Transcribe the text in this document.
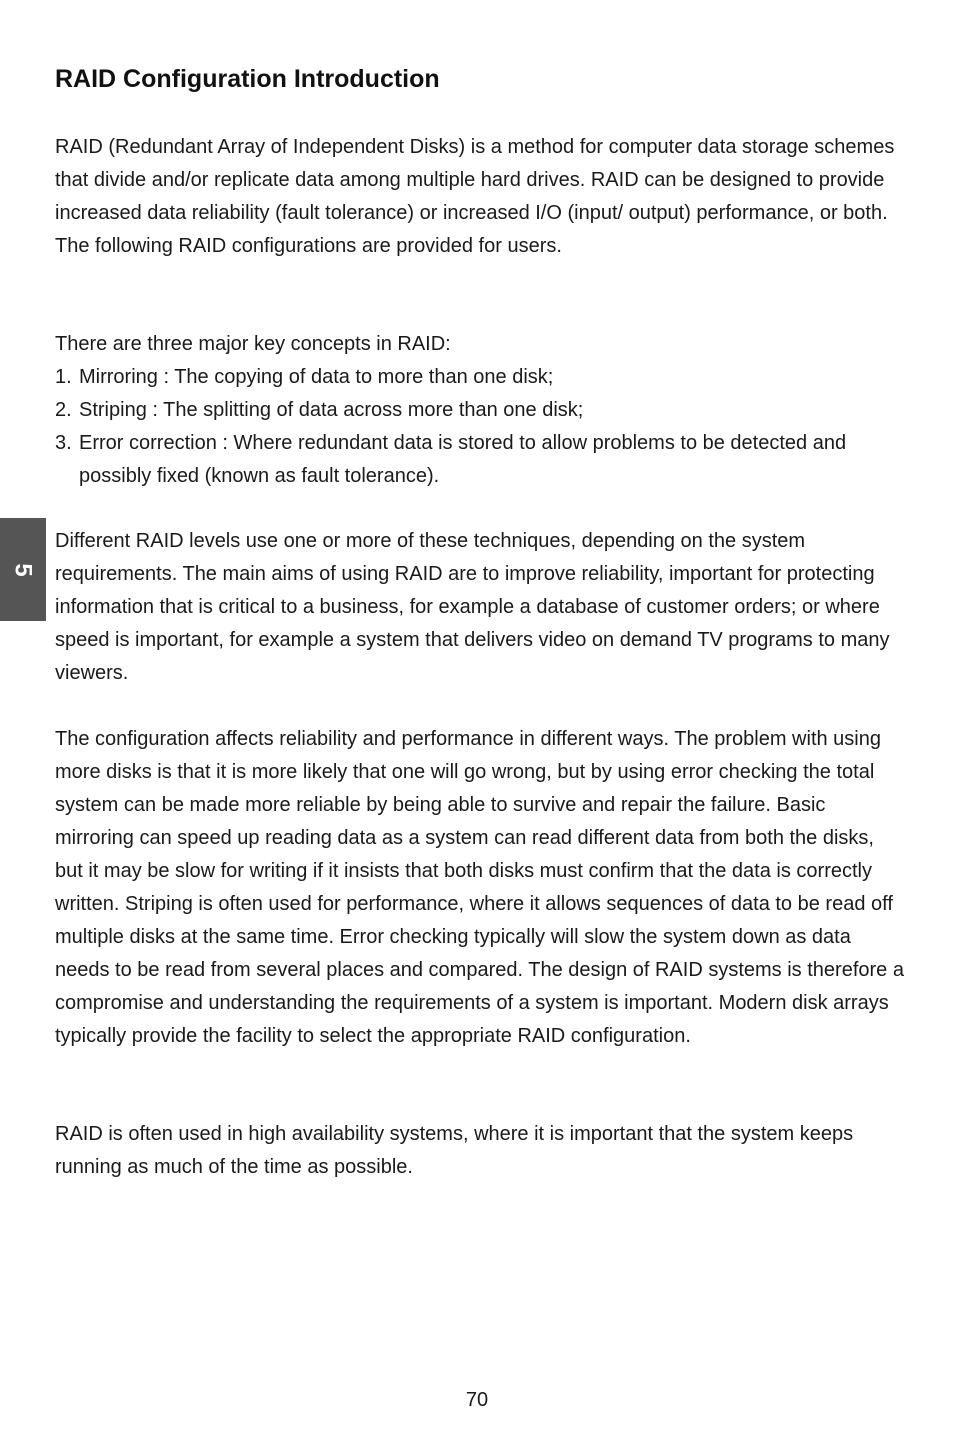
RAID Configuration Introduction

RAID (Redundant Array of Independent Disks) is a method for computer data storage schemes that divide and/or replicate data among multiple hard drives. RAID can be designed to provide increased data reliability (fault tolerance) or increased I/O (input/ output) performance, or both. The following RAID configurations are provided for users.

There are three major key concepts in RAID:
1. Mirroring : The copying of data to more than one disk;
2. Striping : The splitting of data across more than one disk;
3. Error correction : Where redundant data is stored to allow problems to be detected and possibly fixed (known as fault tolerance).

Different RAID levels use one or more of these techniques, depending on the system requirements. The main aims of using RAID are to improve reliability, important for protecting information that is critical to a business, for example a database of customer orders; or where speed is important, for example a system that delivers video on demand TV programs to many viewers.

The configuration affects reliability and performance in different ways. The problem with using more disks is that it is more likely that one will go wrong, but by using error checking the total system can be made more reliable by being able to survive and repair the failure. Basic mirroring can speed up reading data as a system can read different data from both the disks, but it may be slow for writing if it insists that both disks must confirm that the data is correctly written. Striping is often used for performance, where it allows sequences of data to be read off multiple disks at the same time. Error checking typically will slow the system down as data needs to be read from several places and compared. The design of RAID systems is therefore a compromise and understanding the requirements of a system is important. Modern disk arrays typically provide the facility to select the appropriate RAID configuration.

RAID is often used in high availability systems, where it is important that the system keeps running as much of the time as possible.

5
70
